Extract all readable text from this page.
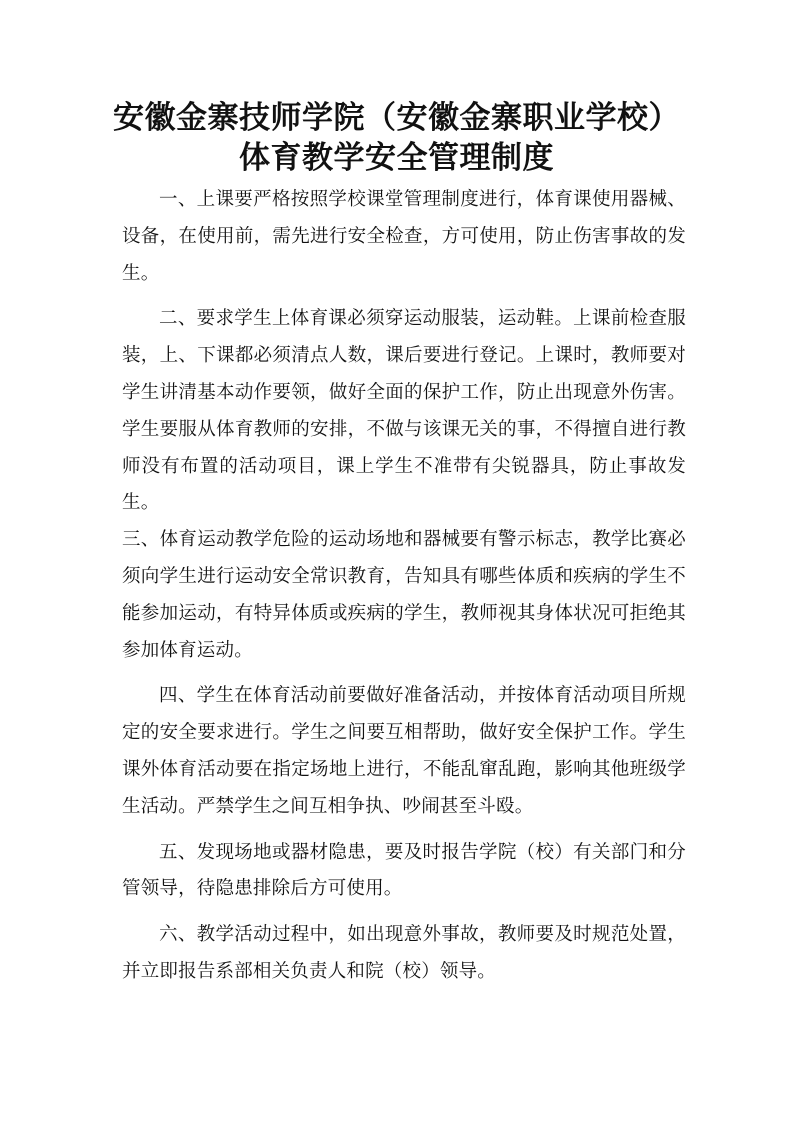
安徽金寨技师学院（安徽金寨职业学校）
体育教学安全管理制度

一、上课要严格按照学校课堂管理制度进行，体育课使用器械、设备，在使用前，需先进行安全检查，方可使用，防止伤害事故的发生。

二、要求学生上体育课必须穿运动服装，运动鞋。上课前检查服装，上、下课都必须清点人数，课后要进行登记。上课时，教师要对学生讲清基本动作要领，做好全面的保护工作，防止出现意外伤害。学生要服从体育教师的安排，不做与该课无关的事，不得擅自进行教师没有布置的活动项目，课上学生不准带有尖锐器具，防止事故发生。

三、体育运动教学危险的运动场地和器械要有警示标志，教学比赛必须向学生进行运动安全常识教育，告知具有哪些体质和疾病的学生不能参加运动，有特异体质或疾病的学生，教师视其身体状况可拒绝其参加体育运动。

四、学生在体育活动前要做好准备活动，并按体育活动项目所规定的安全要求进行。学生之间要互相帮助，做好安全保护工作。学生课外体育活动要在指定场地上进行，不能乱窜乱跑，影响其他班级学生活动。严禁学生之间互相争执、吵闹甚至斗殴。

五、发现场地或器材隐患，要及时报告学院（校）有关部门和分管领导，待隐患排除后方可使用。

六、教学活动过程中，如出现意外事故，教师要及时规范处置，并立即报告系部相关负责人和院（校）领导。
